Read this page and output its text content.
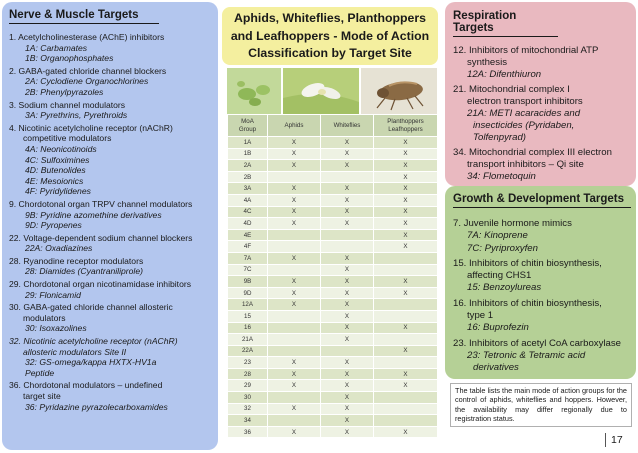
Nerve & Muscle Targets
1. Acetylcholinesterase (AChE) inhibitors
1A: Carbamates
1B: Organophosphates
2. GABA-gated chloride channel blockers
2A: Cyclodiene Organochlorines
2B: Phenylpyrazoles
3. Sodium channel modulators
3A: Pyrethrins, Pyrethroids
4. Nicotinic acetylcholine receptor (nAChR)
competitive modulators
4A: Neonicotinoids
4C: Sulfoximines
4D: Butenolides
4E: Mesoionics
4F: Pyridylidenes
9. Chordotonal organ TRPV channel modulators
9B: Pyridine azomethine derivatives
9D: Pyropenes
22. Voltage-dependent sodium channel blockers
22A: Oxadiazines
28. Ryanodine receptor modulators
28: Diamides (Cyantraniliprole)
29. Chordotonal organ nicotinamidase inhibitors
29: Flonicamid
30. GABA-gated chloride channel allosteric
modulators
30: Isoxazolines
32. Nicotinic acetylcholine receptor (nAChR)
allosteric modulators Site II
32: GS-omega/kappa HXTX-HV1a
Peptide
36. Chordotonal modulators – undefined
target site
36: Pyridazine pyrazolecarboxamides
Aphids, Whiteflies, Planthoppers
and Leafhoppers - Mode of Action
Classification by Target Site
MoA
Group	Aphids	Whiteflies	Planthoppers
Leafhoppers
1A	X	X	X
1B	X	X	X
2A	X	X	X
2B			X
3A	X	X	X
4A	X	X	X
4C	X	X	X
4D	X	X	X
4E			X
4F			X
7A	X	X	
7C		X	
9B	X	X	X
9D	X	X	X
12A	X	X	
15		X	
16		X	X
21A		X	
22A			X
23	X	X	
28	X	X	X
29	X	X	X
30		X	
32	X	X	
34		X	
36	X	X	X
Respiration Targets
12. Inhibitors of mitochondrial ATP
synthesis
12A: Difenthiuron
21. Mitochondrial complex I
electron transport inhibitors
21A: METI acaracides and
insecticides (Pyridaben,
Tolfenpyrad)
34. Mitochondrial complex III electron
transport inhibitors – Qi site
34: Flometoquin
Growth & Development Targets
7. Juvenile hormone mimics
7A: Kinoprene
7C: Pyriproxyfen
15. Inhibitors of chitin biosynthesis,
affecting CHS1
15: Benzoylureas
16. Inhibitors of chitin biosynthesis,
type 1
16: Buprofezin
23. Inhibitors of acetyl CoA carboxylase
23: Tetronic & Tetramic acid
derivatives
The table lists the main mode of action groups for the control of aphids, whiteflies and hoppers. However, the availability may differ regionally due to registration status.
17
